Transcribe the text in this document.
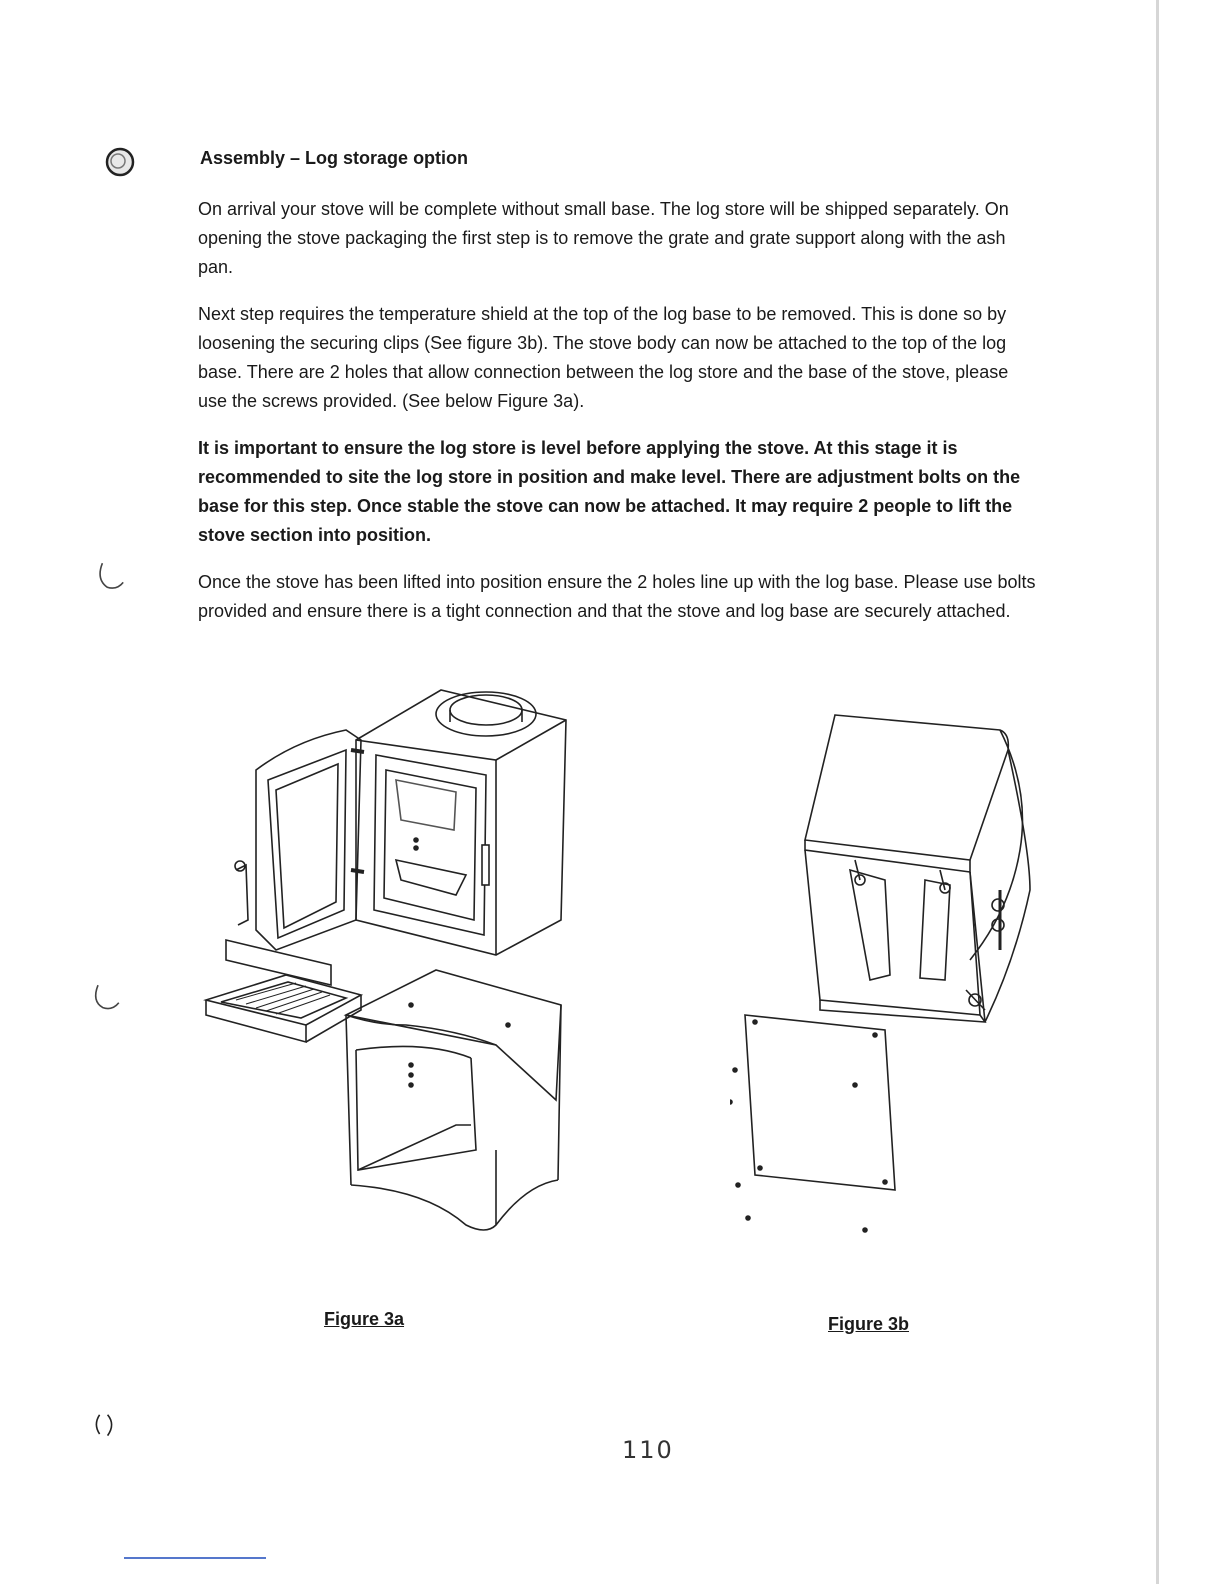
Assembly – Log storage option

On arrival your stove will be complete without small base. The log store will be shipped separately. On opening the stove packaging the first step is to remove the grate and grate support along with the ash pan.

Next step requires the temperature shield at the top of the log base to be removed. This is done so by loosening the securing clips (See figure 3b). The stove body can now be attached to the top of the log base. There are 2 holes that allow connection between the log store and the base of the stove, please use the screws provided. (See below Figure 3a).

It is important to ensure the log store is level before applying the stove. At this stage it is recommended to site the log store in position and make level. There are adjustment bolts on the base for this step. Once stable the stove can now be attached. It may require 2 people to lift the stove section into position.

Once the stove has been lifted into position ensure the 2 holes line up with the log base. Please use bolts provided and ensure there is a tight connection and that the stove and log base are securely attached.

Figure 3a	Figure 3b
110
